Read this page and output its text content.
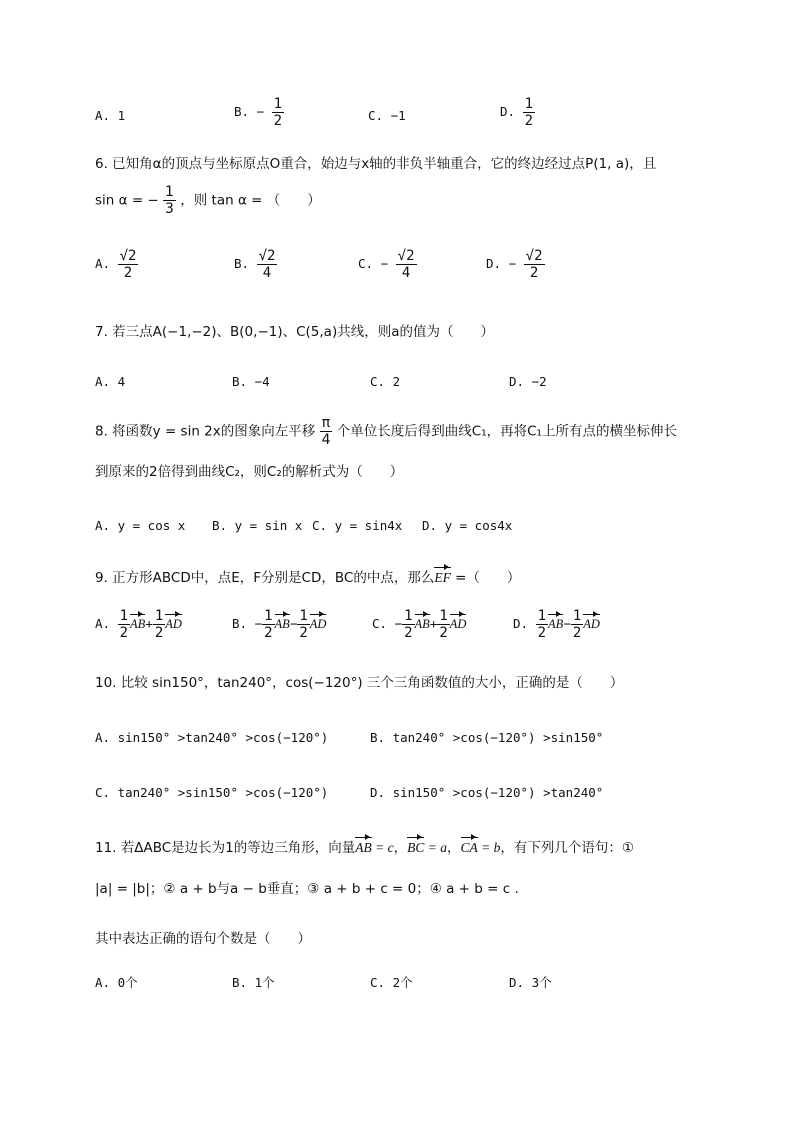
A. 1	B. − $\frac{1}{2}$	C. −1	D. $\frac{1}{2}$
6. 已知角α的顶点与坐标原点O重合，始边与x轴的非负半轴重合，它的终边经过点P(1, a)，且
sin α = − $\frac{1}{3}$ ，则 tan α = （　　）
A. $\frac{√2}{2}$	B. $\frac{√2}{4}$	C. − $\frac{√2}{4}$	D. − $\frac{√2}{2}$
7. 若三点A(−1,−2)、B(0,−1)、C(5,a)共线，则a的值为（　　）
A. 4	B. −4	C. 2	D. −2
8. 将函数y = sin 2x的图象向左平移 $\frac{\pi}{4}$ 个单位长度后得到曲线C₁，再将C₁上所有点的横坐标伸长
到原来的2倍得到曲线C₂，则C₂的解析式为（　　）
A. y = cos x B. y = sin x C. y = sin4x D. y = cos4x
9. 正方形ABCD中，点E，F分别是CD，BC的中点，那么EF =（　　）
A. $\frac{1}{2} AB+ \frac{1}{2}$ AD	B. − $\frac{1}{2} AB- \frac{1}{2}$ AD	C. − $\frac{1}{2} AB+ \frac{1}{2}$ AD	D. $\frac{1}{2} AB- \frac{1}{2}$ AD
10. 比较 sin150°，tan240°，cos(−120°) 三个三角函数值的大小，正确的是（　　）
A. sin150° >tan240° >cos(−120°)	B. tan240° >cos(−120°) >sin150°
C. tan240° >sin150° >cos(−120°)	D. sin150° >cos(−120°) >tan240°
11. 若ΔABC是边长为1的等边三角形，向量AB = c，BC = a，CA = b，有下列几个语句：①
|a| = |b|；② a + b与a − b垂直；③ a + b + c = 0；④ a + b = c .
其中表达正确的语句个数是（　　）
A. 0个	B. 1个	C. 2个	D. 3个
